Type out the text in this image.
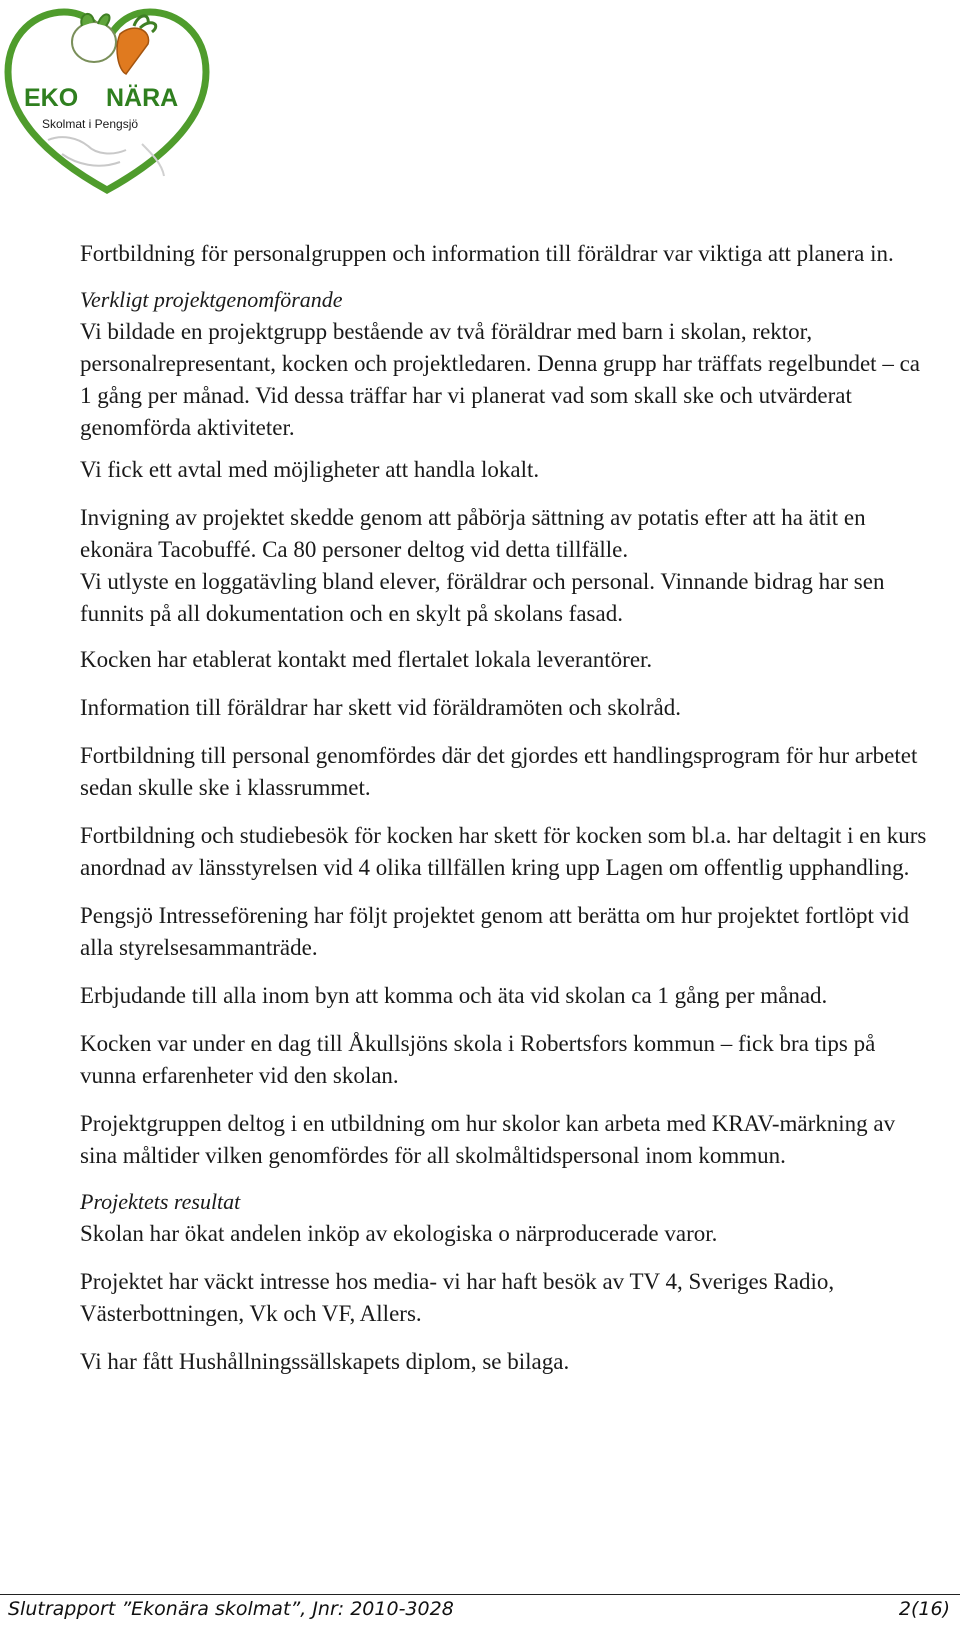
EKO NÄRA
Skolmat i Pengsjö

Fortbildning för personalgruppen och information till föräldrar var viktiga att planera in.

Verkligt projektgenomförande

Vi bildade en projektgrupp bestående av två föräldrar med barn i skolan, rektor, personalrepresentant, kocken och projektledaren. Denna grupp har träffats regelbundet – ca 1 gång per månad. Vid dessa träffar har vi planerat vad som skall ske och utvärderat genomförda aktiviteter.

Vi fick ett avtal med möjligheter att handla lokalt.

Invigning av projektet skedde genom att påbörja sättning av potatis efter att ha ätit en ekonära Tacobuffé. Ca 80 personer deltog vid detta tillfälle.

Vi utlyste en loggatävling bland elever, föräldrar och personal. Vinnande bidrag har sen funnits på all dokumentation och en skylt på skolans fasad.

Kocken har etablerat kontakt med flertalet lokala leverantörer.

Information till föräldrar har skett vid föräldramöten och skolråd.

Fortbildning till personal genomfördes där det gjordes ett handlingsprogram för hur arbetet sedan skulle ske i klassrummet.

Fortbildning och studiebesök för kocken har skett för kocken som bl.a. har deltagit i en kurs anordnad av länsstyrelsen vid 4 olika tillfällen kring upp Lagen om offentlig upphandling.

Pengsjö Intresseförening har följt projektet genom att berätta om hur projektet fortlöpt vid alla styrelsesammanträde.

Erbjudande till alla inom byn att komma och äta vid skolan ca 1 gång per månad.

Kocken var under en dag till Åkullsjöns skola i Robertsfors kommun – fick bra tips på vunna erfarenheter vid den skolan.

Projektgruppen deltog i en utbildning om hur skolor kan arbeta med KRAV-märkning av sina måltider vilken genomfördes för all skolmåltidspersonal inom kommun.

Projektets resultat

Skolan har ökat andelen inköp av ekologiska o närproducerade varor.

Projektet har väckt intresse hos media- vi har haft besök av TV 4, Sveriges Radio, Västerbottningen, Vk och VF, Allers.

Vi har fått Hushållningssällskapets diplom, se bilaga.

Slutrapport ”Ekonära skolmat”, Jnr: 2010-3028	2(16)
